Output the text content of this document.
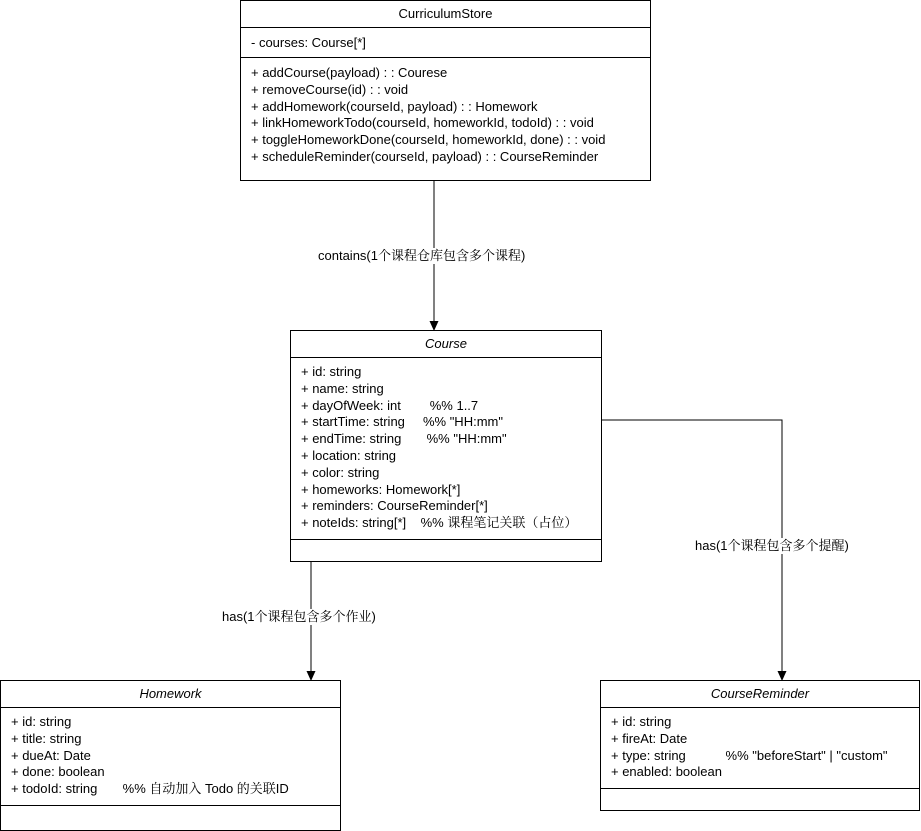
contains(1个课程仓库包含多个课程)
has(1个课程包含多个作业)
has(1个课程包含多个提醒)
CurriculumStore
- courses: Course[*]
+ addCourse(payload) : : Courese
+ removeCourse(id) : : void
+ addHomework(courseId, payload) : : Homework
+ linkHomeworkTodo(courseId, homeworkId, todoId) : : void
+ toggleHomeworkDone(courseId, homeworkId, done) : : void
+ scheduleReminder(courseId, payload) : : CourseReminder
Course
+ id: string
+ name: string
+ dayOfWeek: int        %% 1..7
+ startTime: string     %% "HH:mm"
+ endTime: string       %% "HH:mm"
+ location: string
+ color: string
+ homeworks: Homework[*]
+ reminders: CourseReminder[*]
+ noteIds: string[*]    %% 课程笔记关联（占位）
Homework
+ id: string
+ title: string
+ dueAt: Date
+ done: boolean
+ todoId: string       %% 自动加入 Todo 的关联ID
CourseReminder
+ id: string
+ fireAt: Date
+ type: string           %% "beforeStart" | "custom"
+ enabled: boolean
